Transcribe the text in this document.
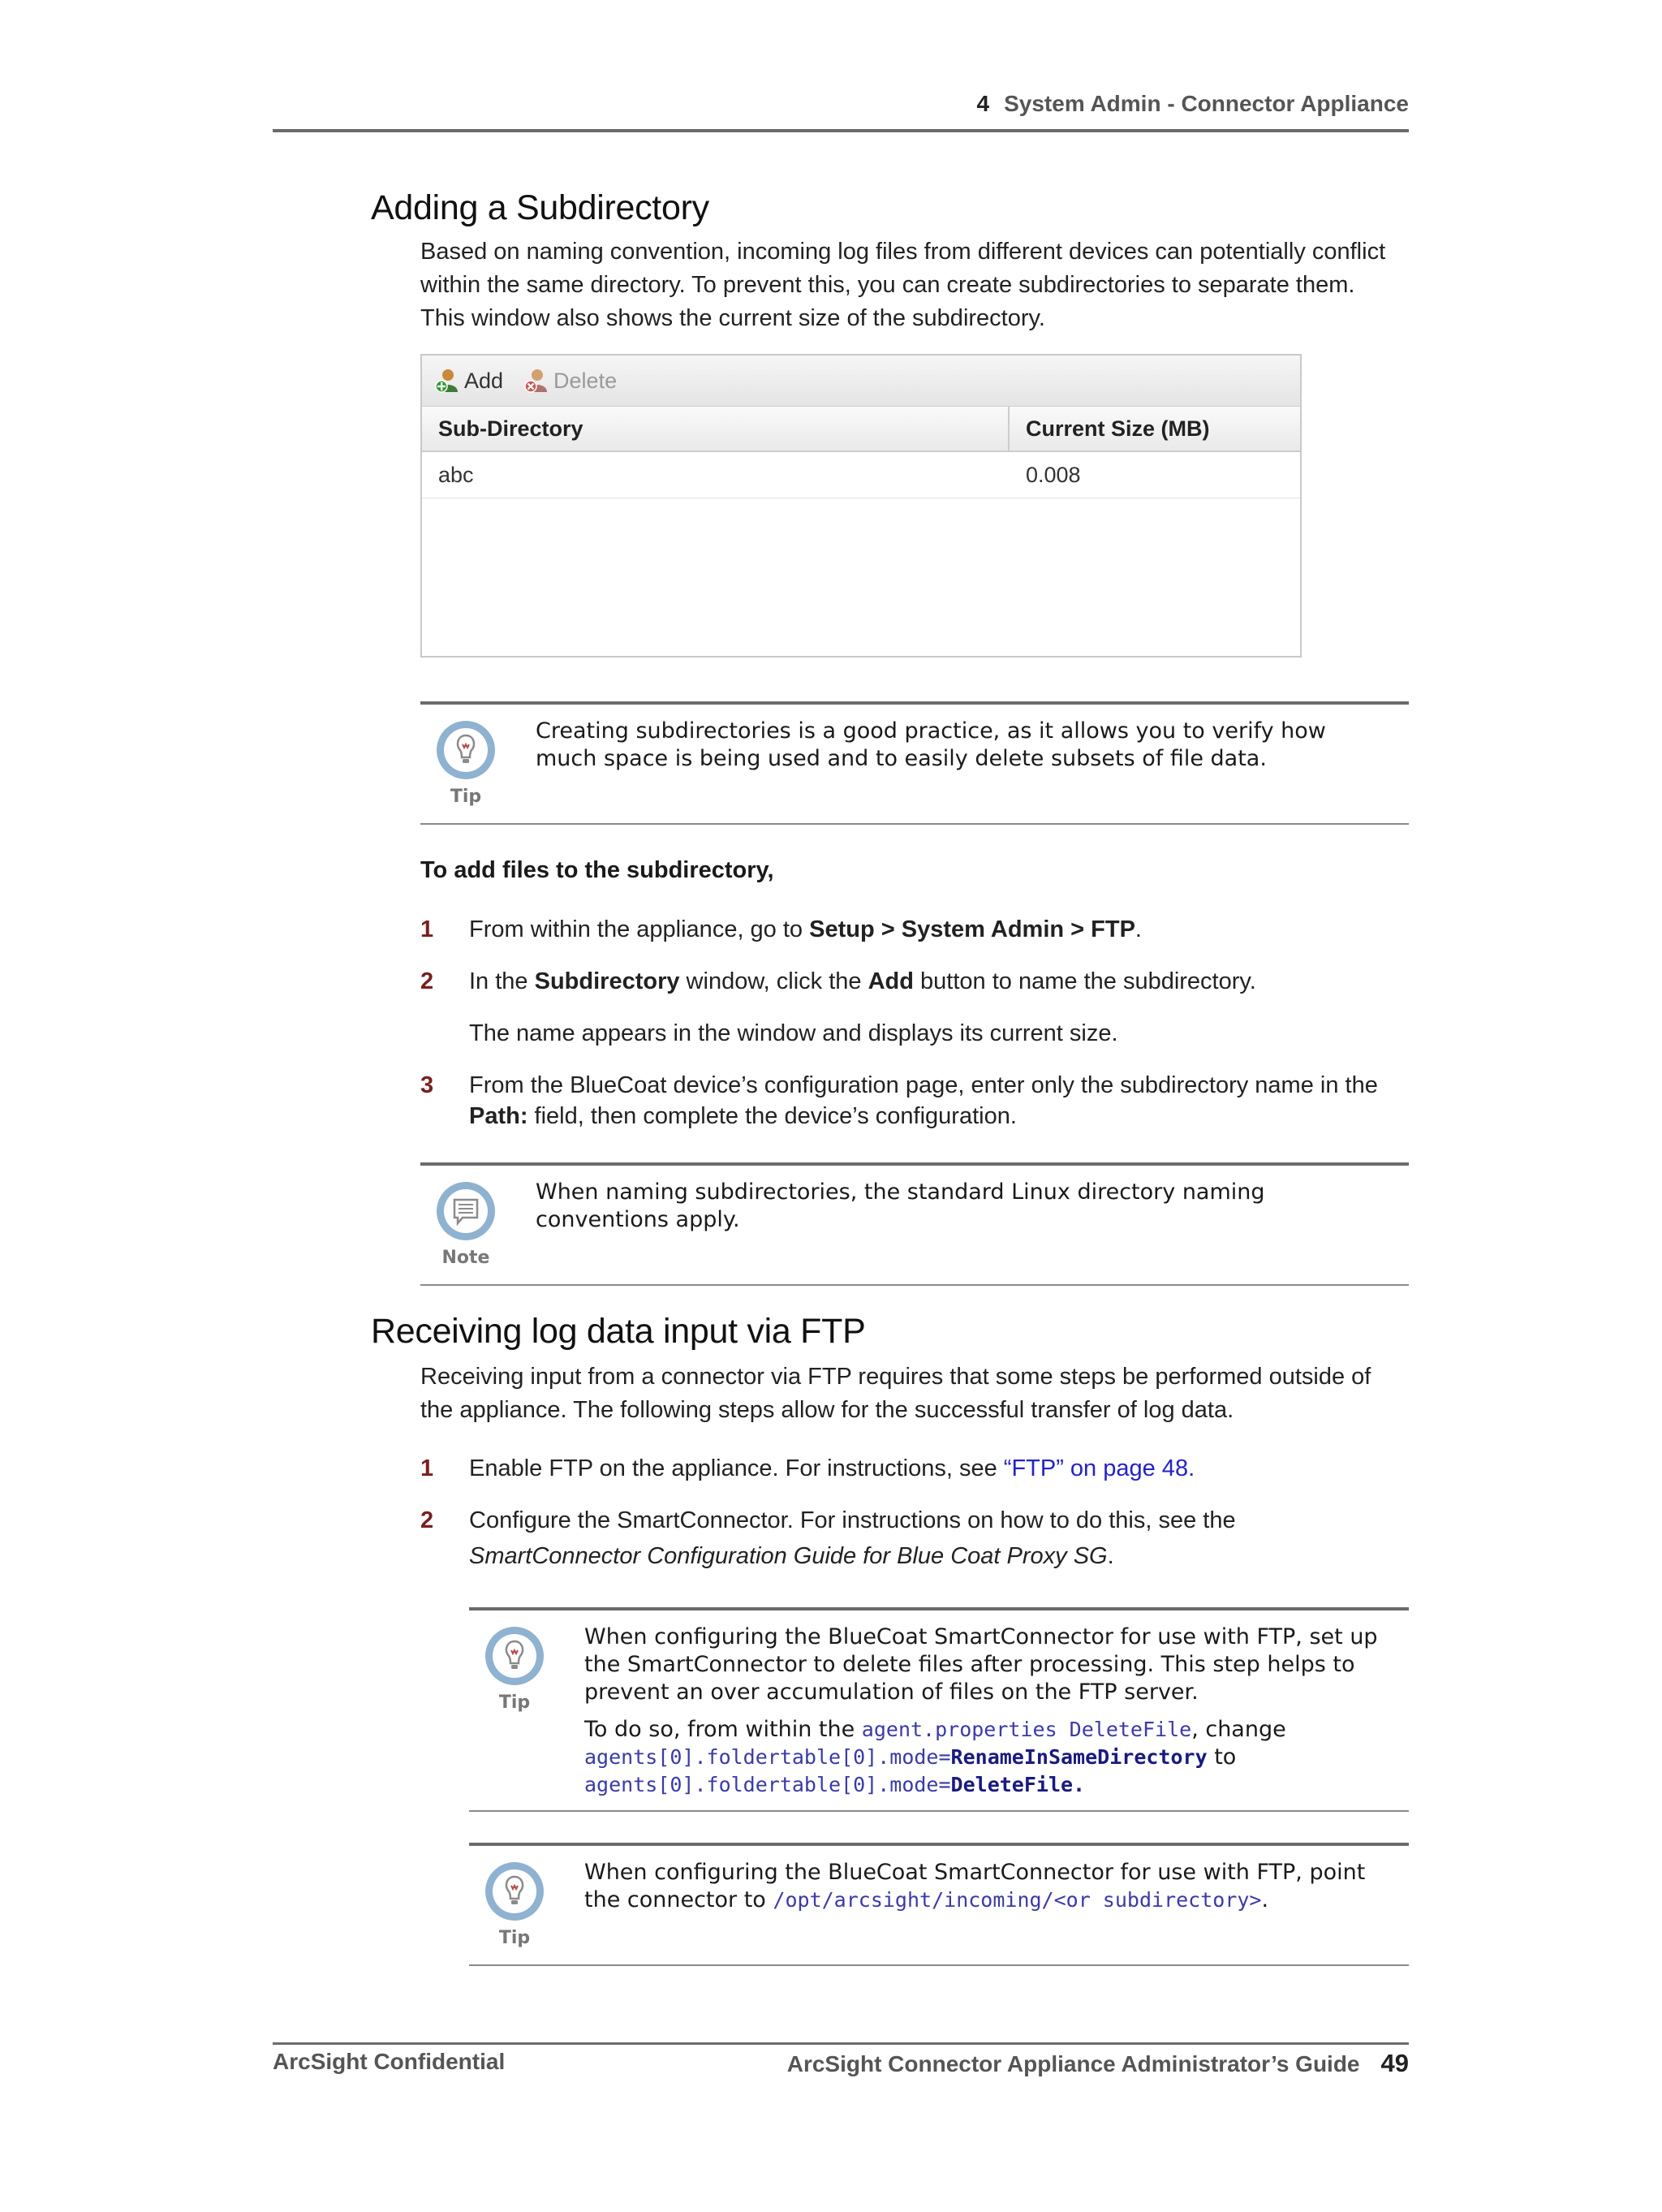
4 System Admin - Connector Appliance
Adding a Subdirectory

Based on naming convention, incoming log files from different devices can potentially conflict within the same directory. To prevent this, you can create subdirectories to separate them. This window also shows the current size of the subdirectory.

Add Delete
Sub-Directory	Current Size (MB)
abc	0.008
Tip
Creating subdirectories is a good practice, as it allows you to verify how much space is being used and to easily delete subsets of file data.
To add files to the subdirectory,
1 From within the appliance, go to Setup > System Admin > FTP.
2 In the Subdirectory window, click the Add button to name the subdirectory.
The name appears in the window and displays its current size.
3 From the BlueCoat device’s configuration page, enter only the subdirectory name in the Path: field, then complete the device’s configuration.
Note
When naming subdirectories, the standard Linux directory naming conventions apply.
Receiving log data input via FTP

Receiving input from a connector via FTP requires that some steps be performed outside of the appliance. The following steps allow for the successful transfer of log data.

1 Enable FTP on the appliance. For instructions, see “FTP” on page 48.
2 Configure the SmartConnector. For instructions on how to do this, see the SmartConnector Configuration Guide for Blue Coat Proxy SG.
Tip
When configuring the BlueCoat SmartConnector for use with FTP, set up the SmartConnector to delete files after processing. This step helps to prevent an over accumulation of files on the FTP server.
To do so, from within the agent.properties DeleteFile, change
agents[0].foldertable[0].mode=RenameInSameDirectory to
agents[0].foldertable[0].mode=DeleteFile.
Tip
When configuring the BlueCoat SmartConnector for use with FTP, point the connector to /opt/arcsight/incoming/<or subdirectory>.
ArcSight Confidential	ArcSight Connector Appliance Administrator’s Guide 49
